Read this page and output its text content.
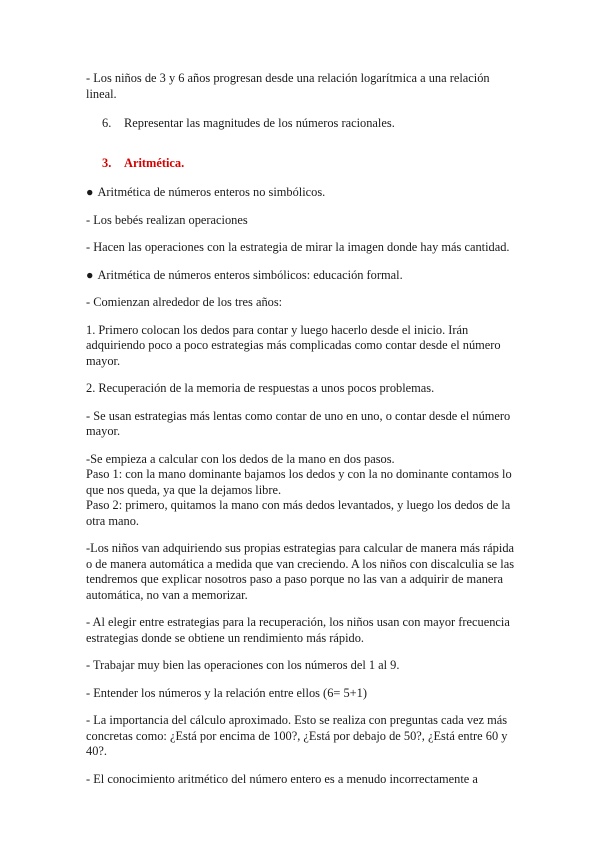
- Los niños de 3 y 6 años progresan desde una relación logarítmica a una relación lineal.

6. Representar las magnitudes de los números racionales.

3. Aritmética.

● Aritmética de números enteros no simbólicos.

- Los bebés realizan operaciones

- Hacen las operaciones con la estrategia de mirar la imagen donde hay más cantidad.

● Aritmética de números enteros simbólicos: educación formal.

- Comienzan alrededor de los tres años:

1. Primero colocan los dedos para contar y luego hacerlo desde el inicio. Irán adquiriendo poco a poco estrategias más complicadas como contar desde el número mayor.

2. Recuperación de la memoria de respuestas a unos pocos problemas.

- Se usan estrategias más lentas como contar de uno en uno, o contar desde el número mayor.

-Se empieza a calcular con los dedos de la mano en dos pasos.

Paso 1: con la mano dominante bajamos los dedos y con la no dominante contamos lo que nos queda, ya que la dejamos libre.

Paso 2: primero, quitamos la mano con más dedos levantados, y luego los dedos de la otra mano.

-Los niños van adquiriendo sus propias estrategias para calcular de manera más rápida o de manera automática a medida que van creciendo. A los niños con discalculia se las tendremos que explicar nosotros paso a paso porque no las van a adquirir de manera automática, no van a memorizar.

- Al elegir entre estrategias para la recuperación, los niños usan con mayor frecuencia estrategias donde se obtiene un rendimiento más rápido.

- Trabajar muy bien las operaciones con los números del 1 al 9.

- Entender los números y la relación entre ellos (6= 5+1)

- La importancia del cálculo aproximado. Esto se realiza con preguntas cada vez más concretas como: ¿Está por encima de 100?, ¿Está por debajo de 50?, ¿Está entre 60 y 40?.

- El conocimiento aritmético del número entero es a menudo incorrectamente a
